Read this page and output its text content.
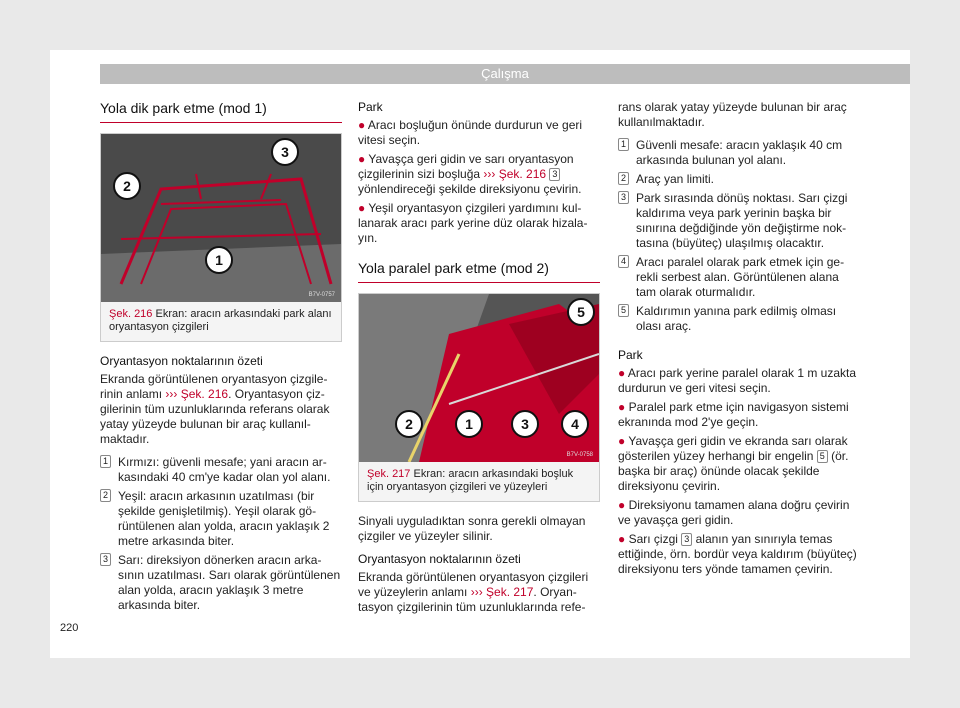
Çalışma
Yola dik park etme (mod 1)
3
2
1
B7V-0757
Şek. 216 Ekran: aracın arkasındaki park alanı oryantasyon çizgileri
Oryantasyon noktalarının özeti

Ekranda görüntülenen oryantasyon çizgilerinin anlamı ››› Şek. 216. Oryantasyon çizgilerinin tüm uzunluklarında referans olarak yatay yüzeyde bulunan bir araç kullanılmaktadır.

1 Kırmızı: güvenli mesafe; yani aracın arkasındaki 40 cm'ye kadar olan yol alanı.
2 Yeşil: aracın arkasının uzatılması (bir şekilde genişletilmiş). Yeşil olarak görüntülenen alan yolda, aracın yaklaşık 2 metre arkasında biter.
3 Sarı: direksiyon dönerken aracın arkasının uzatılması. Sarı olarak görüntülenen alan yolda, aracın yaklaşık 3 metre arkasında biter.
Park
● Aracı boşluğun önünde durdurun ve geri vitesi seçin.
● Yavaşça geri gidin ve sarı oryantasyon çizgilerinin sizi boşluğa ››› Şek. 216 3 yönlendireceği şekilde direksiyonu çevirin.
● Yeşil oryantasyon çizgileri yardımını kullanarak aracı park yerine düz olarak hizalayın.
Yola paralel park etme (mod 2)
5
2	1	3	4
B7V-0758
Şek. 217 Ekran: aracın arkasındaki boşluk için oryantasyon çizgileri ve yüzeyleri

Sinyali uyguladıktan sonra gerekli olmayan çizgiler ve yüzeyler silinir.

Oryantasyon noktalarının özeti

Ekranda görüntülenen oryantasyon çizgileri ve yüzeylerin anlamı ››› Şek. 217. Oryantasyon çizgilerinin tüm uzunluklarında refe-

rans olarak yatay yüzeyde bulunan bir araç kullanılmaktadır.

1 Güvenli mesafe: aracın yaklaşık 40 cm arkasında bulunan yol alanı.
2 Araç yan limiti.
3 Park sırasında dönüş noktası. Sarı çizgi kaldırıma veya park yerinin başka bir sınırına değdiğinde yön değiştirme noktasına (büyüteç) ulaşılmış olacaktır.
4 Aracı paralel olarak park etmek için gerekli serbest alan. Görüntülenen alana tam olarak oturmalıdır.
5 Kaldırımın yanına park edilmiş olması olası araç.
Park
● Aracı park yerine paralel olarak 1 m uzakta durdurun ve geri vitesi seçin.
● Paralel park etme için navigasyon sistemi ekranında mod 2'ye geçin.
● Yavaşça geri gidin ve ekranda sarı olarak gösterilen yüzey herhangi bir engelin 5 (ör. başka bir araç) önünde olacak şekilde direksiyonu çevirin.
● Direksiyonu tamamen alana doğru çevirin ve yavaşça geri gidin.
● Sarı çizgi 3 alanın yan sınırıyla temas ettiğinde, örn. bordür veya kaldırım (büyüteç) direksiyonu ters yönde tamamen çevirin.
220
